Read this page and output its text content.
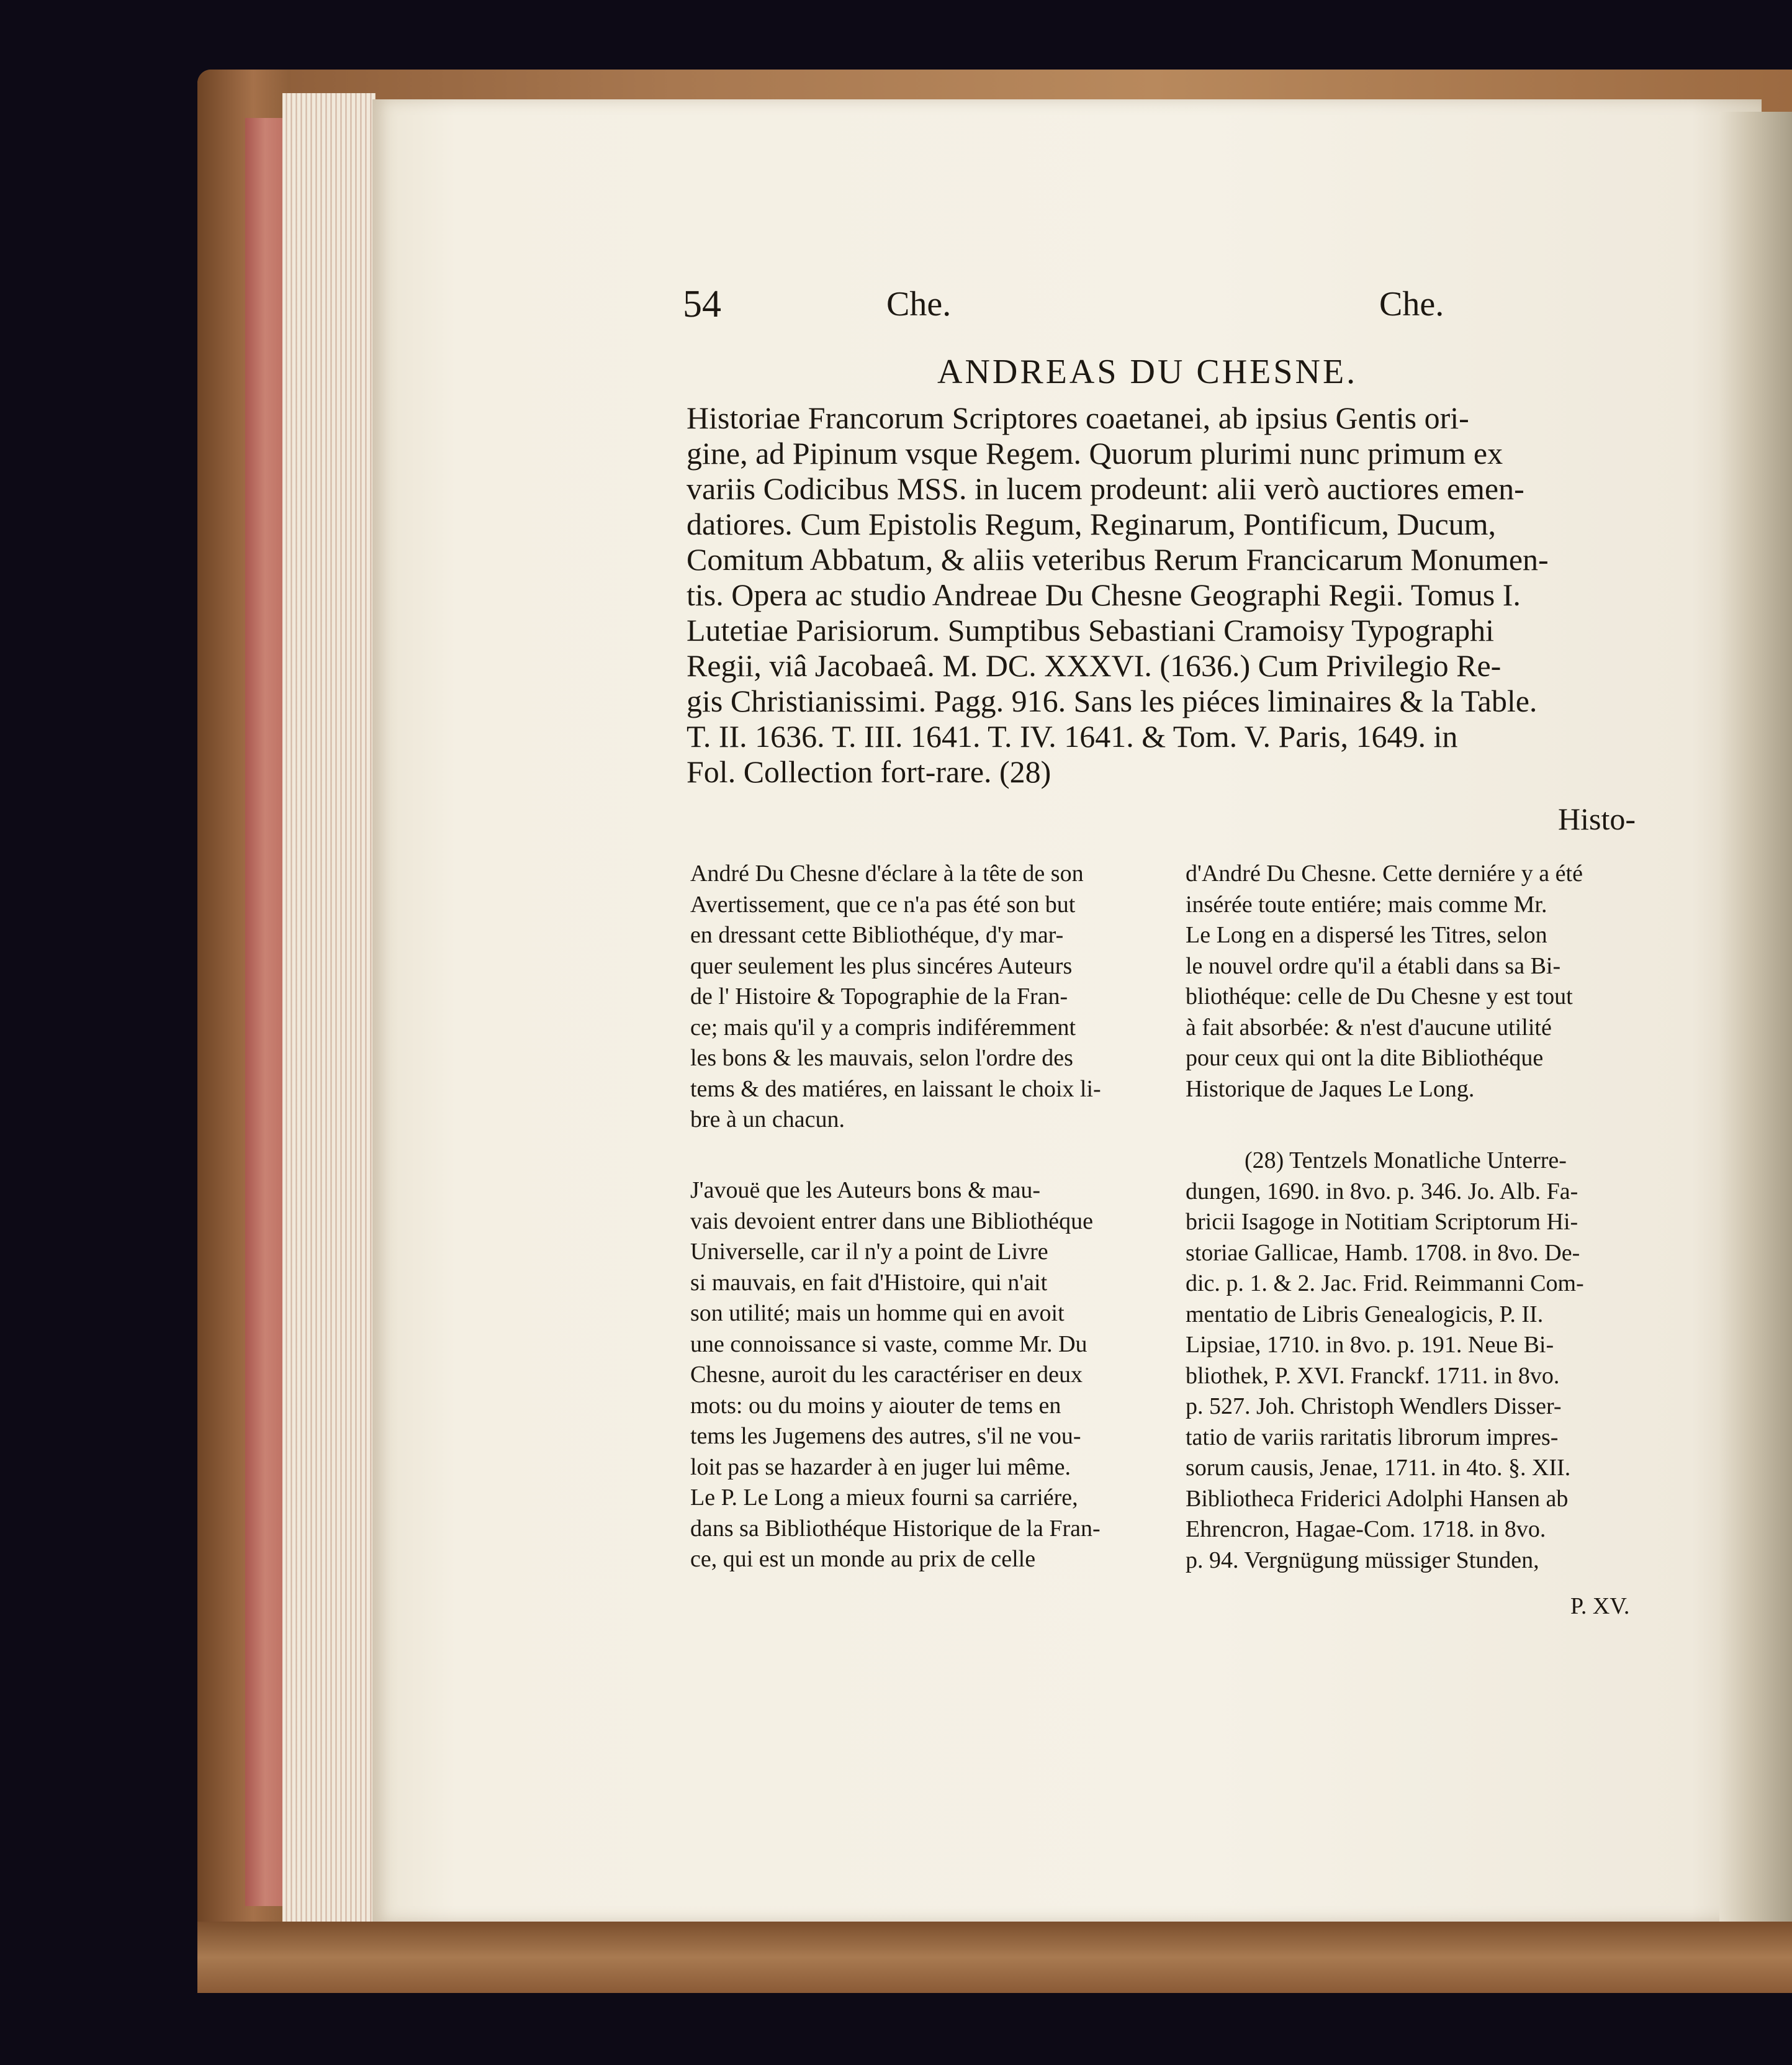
54	Che.	Che.
ANDREAS DU CHESNE.
Historiae Francorum Scriptores coaetanei, ab ipsius Gentis ori-
gine, ad Pipinum vsque Regem. Quorum plurimi nunc primum ex
variis Codicibus MSS. in lucem prodeunt: alii verò auctiores emen-
datiores. Cum Epistolis Regum, Reginarum, Pontificum, Ducum,
Comitum Abbatum, & aliis veteribus Rerum Francicarum Monumen-
tis. Opera ac studio Andreae Du Chesne Geographi Regii. Tomus I.
Lutetiae Parisiorum. Sumptibus Sebastiani Cramoisy Typographi
Regii, viâ Jacobaeâ. M. DC. XXXVI. (1636.) Cum Privilegio Re-
gis Christianissimi. Pagg. 916. Sans les piéces liminaires & la Table.
T. II. 1636. T. III. 1641. T. IV. 1641. & Tom. V. Paris, 1649. in
Fol. Collection fort-rare. (28)
Histo-
André Du Chesne d'éclare à la tête de son
Avertissement, que ce n'a pas été son but
en dressant cette Bibliothéque, d'y mar-
quer seulement les plus sincéres Auteurs
de l' Histoire & Topographie de la Fran-
ce; mais qu'il y a compris indiféremment
les bons & les mauvais, selon l'ordre des
tems & des matiéres, en laissant le choix li-
bre à un chacun.
J'avouë que les Auteurs bons & mau-
vais devoient entrer dans une Bibliothéque
Universelle, car il n'y a point de Livre
si mauvais, en fait d'Histoire, qui n'ait
son utilité; mais un homme qui en avoit
une connoissance si vaste, comme Mr. Du
Chesne, auroit du les caractériser en deux
mots: ou du moins y aiouter de tems en
tems les Jugemens des autres, s'il ne vou-
loit pas se hazarder à en juger lui même.
Le P. Le Long a mieux fourni sa carriére,
dans sa Bibliothéque Historique de la Fran-
ce, qui est un monde au prix de celle
d'André Du Chesne. Cette derniére y a été
insérée toute entiére; mais comme Mr.
Le Long en a dispersé les Titres, selon
le nouvel ordre qu'il a établi dans sa Bi-
bliothéque: celle de Du Chesne y est tout
à fait absorbée: & n'est d'aucune utilité
pour ceux qui ont la dite Bibliothéque
Historique de Jaques Le Long.
(28) Tentzels Monatliche Unterre-
dungen, 1690. in 8vo. p. 346. Jo. Alb. Fa-
bricii Isagoge in Notitiam Scriptorum Hi-
storiae Gallicae, Hamb. 1708. in 8vo. De-
dic. p. 1. & 2. Jac. Frid. Reimmanni Com-
mentatio de Libris Genealogicis, P. II.
Lipsiae, 1710. in 8vo. p. 191. Neue Bi-
bliothek, P. XVI. Franckf. 1711. in 8vo.
p. 527. Joh. Christoph Wendlers Disser-
tatio de variis raritatis librorum impres-
sorum causis, Jenae, 1711. in 4to. §. XII.
Bibliotheca Friderici Adolphi Hansen ab
Ehrencron, Hagae-Com. 1718. in 8vo.
p. 94. Vergnügung müssiger Stunden,
P. XV.
